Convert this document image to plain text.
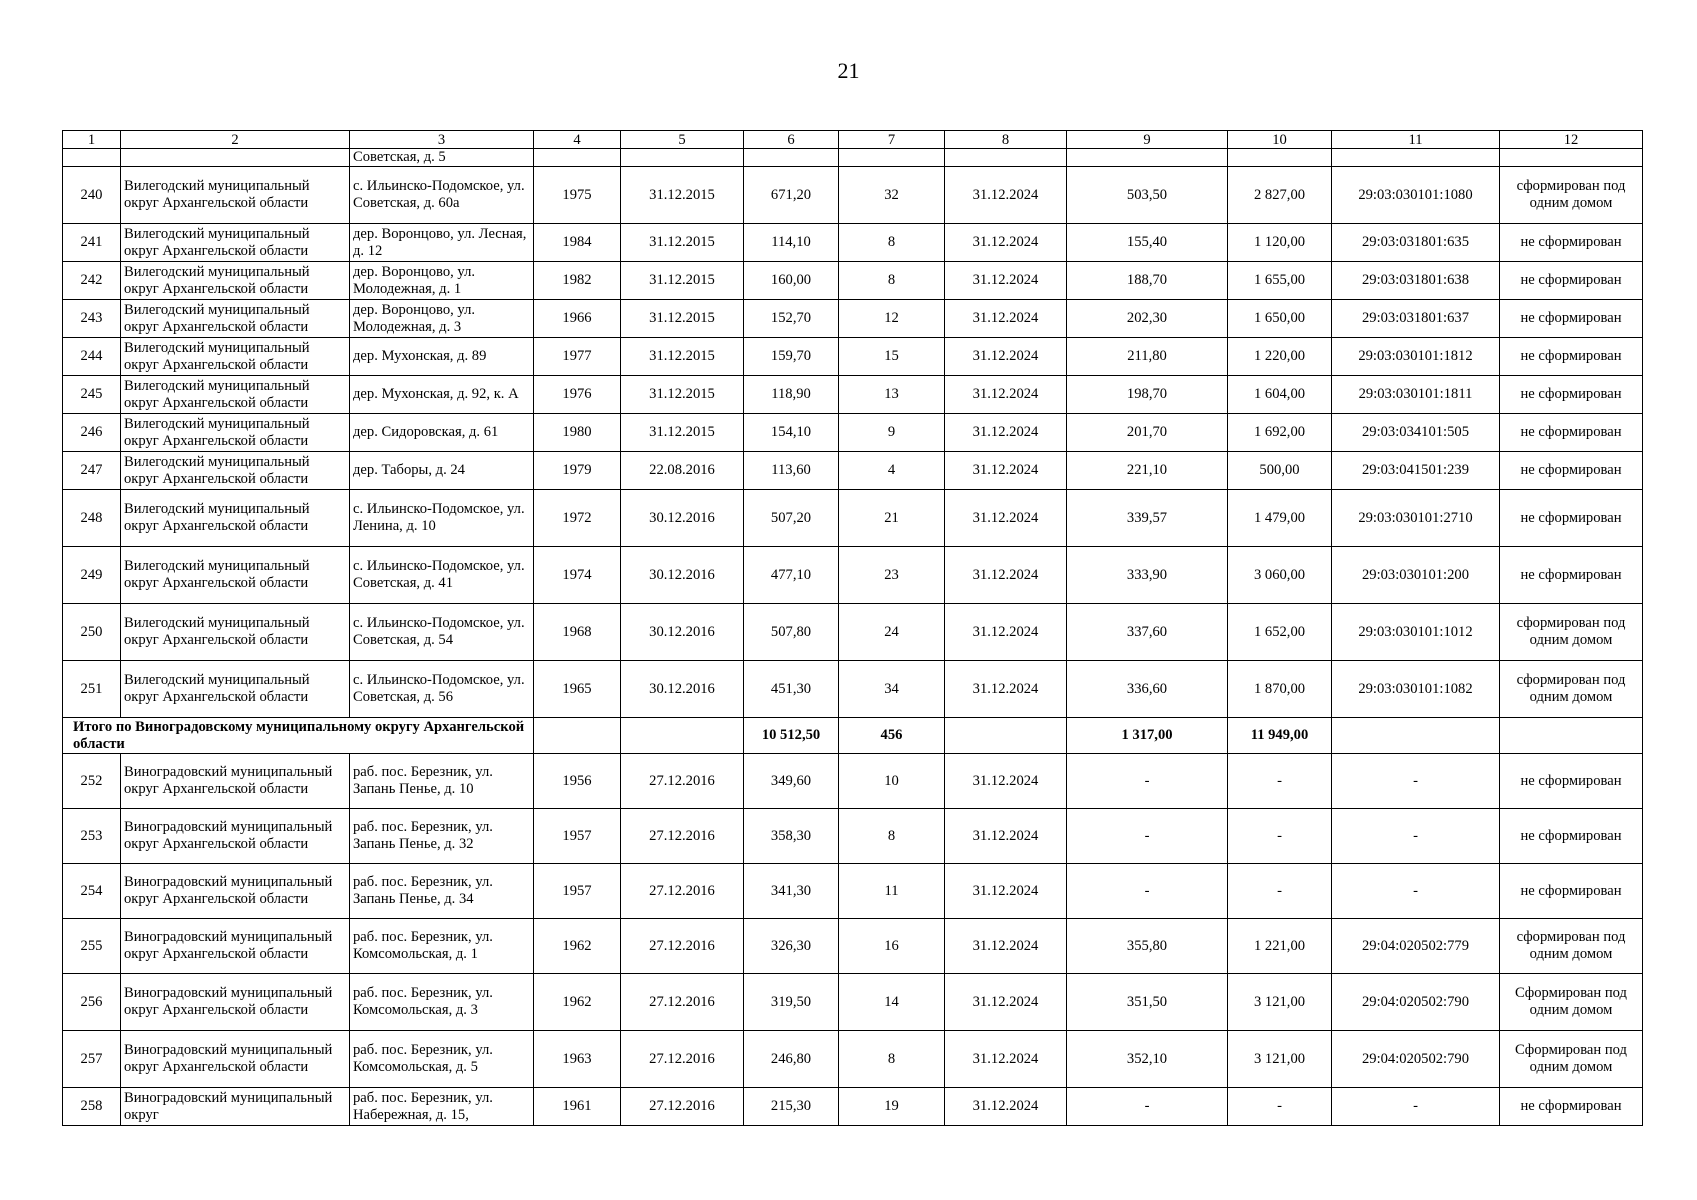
21
1	2	3	4	5	6	7	8	9	10	11	12
		Советская, д. 5									
240	Вилегодский муниципальный округ Архангельской области	с. Ильинско-Подомское, ул. Советская, д. 60а	1975	31.12.2015	671,20	32	31.12.2024	503,50	2 827,00	29:03:030101:1080	сформирован под одним домом
241	Вилегодский муниципальный округ Архангельской области	дер. Воронцово, ул. Лесная, д. 12	1984	31.12.2015	114,10	8	31.12.2024	155,40	1 120,00	29:03:031801:635	не сформирован
242	Вилегодский муниципальный округ Архангельской области	дер. Воронцово, ул. Молодежная, д. 1	1982	31.12.2015	160,00	8	31.12.2024	188,70	1 655,00	29:03:031801:638	не сформирован
243	Вилегодский муниципальный округ Архангельской области	дер. Воронцово, ул. Молодежная, д. 3	1966	31.12.2015	152,70	12	31.12.2024	202,30	1 650,00	29:03:031801:637	не сформирован
244	Вилегодский муниципальный округ Архангельской области	дер. Мухонская, д. 89	1977	31.12.2015	159,70	15	31.12.2024	211,80	1 220,00	29:03:030101:1812	не сформирован
245	Вилегодский муниципальный округ Архангельской области	дер. Мухонская, д. 92, к. А	1976	31.12.2015	118,90	13	31.12.2024	198,70	1 604,00	29:03:030101:1811	не сформирован
246	Вилегодский муниципальный округ Архангельской области	дер. Сидоровская, д. 61	1980	31.12.2015	154,10	9	31.12.2024	201,70	1 692,00	29:03:034101:505	не сформирован
247	Вилегодский муниципальный округ Архангельской области	дер. Таборы, д. 24	1979	22.08.2016	113,60	4	31.12.2024	221,10	500,00	29:03:041501:239	не сформирован
248	Вилегодский муниципальный округ Архангельской области	с. Ильинско-Подомское, ул. Ленина, д. 10	1972	30.12.2016	507,20	21	31.12.2024	339,57	1 479,00	29:03:030101:2710	не сформирован
249	Вилегодский муниципальный округ Архангельской области	с. Ильинско-Подомское, ул. Советская, д. 41	1974	30.12.2016	477,10	23	31.12.2024	333,90	3 060,00	29:03:030101:200	не сформирован
250	Вилегодский муниципальный округ Архангельской области	с. Ильинско-Подомское, ул. Советская, д. 54	1968	30.12.2016	507,80	24	31.12.2024	337,60	1 652,00	29:03:030101:1012	сформирован под одним домом
251	Вилегодский муниципальный округ Архангельской области	с. Ильинско-Подомское, ул. Советская, д. 56	1965	30.12.2016	451,30	34	31.12.2024	336,60	1 870,00	29:03:030101:1082	сформирован под одним домом
Итого по Виноградовскому муниципальному округу Архангельской области					10 512,50	456		1 317,00	11 949,00		
252	Виноградовский муниципальный округ Архангельской области	раб. пос. Березник, ул. Запань Пенье, д. 10	1956	27.12.2016	349,60	10	31.12.2024	-	-	-	не сформирован
253	Виноградовский муниципальный округ Архангельской области	раб. пос. Березник, ул. Запань Пенье, д. 32	1957	27.12.2016	358,30	8	31.12.2024	-	-	-	не сформирован
254	Виноградовский муниципальный округ Архангельской области	раб. пос. Березник, ул. Запань Пенье, д. 34	1957	27.12.2016	341,30	11	31.12.2024	-	-	-	не сформирован
255	Виноградовский муниципальный округ Архангельской области	раб. пос. Березник, ул. Комсомольская, д. 1	1962	27.12.2016	326,30	16	31.12.2024	355,80	1 221,00	29:04:020502:779	сформирован под одним домом
256	Виноградовский муниципальный округ Архангельской области	раб. пос. Березник, ул. Комсомольская, д. 3	1962	27.12.2016	319,50	14	31.12.2024	351,50	3 121,00	29:04:020502:790	Сформирован под одним домом
257	Виноградовский муниципальный округ Архангельской области	раб. пос. Березник, ул. Комсомольская, д. 5	1963	27.12.2016	246,80	8	31.12.2024	352,10	3 121,00	29:04:020502:790	Сформирован под одним домом
258	Виноградовский муниципальный округ	раб. пос. Березник, ул. Набережная, д. 15,	1961	27.12.2016	215,30	19	31.12.2024	-	-	-	не сформирован
